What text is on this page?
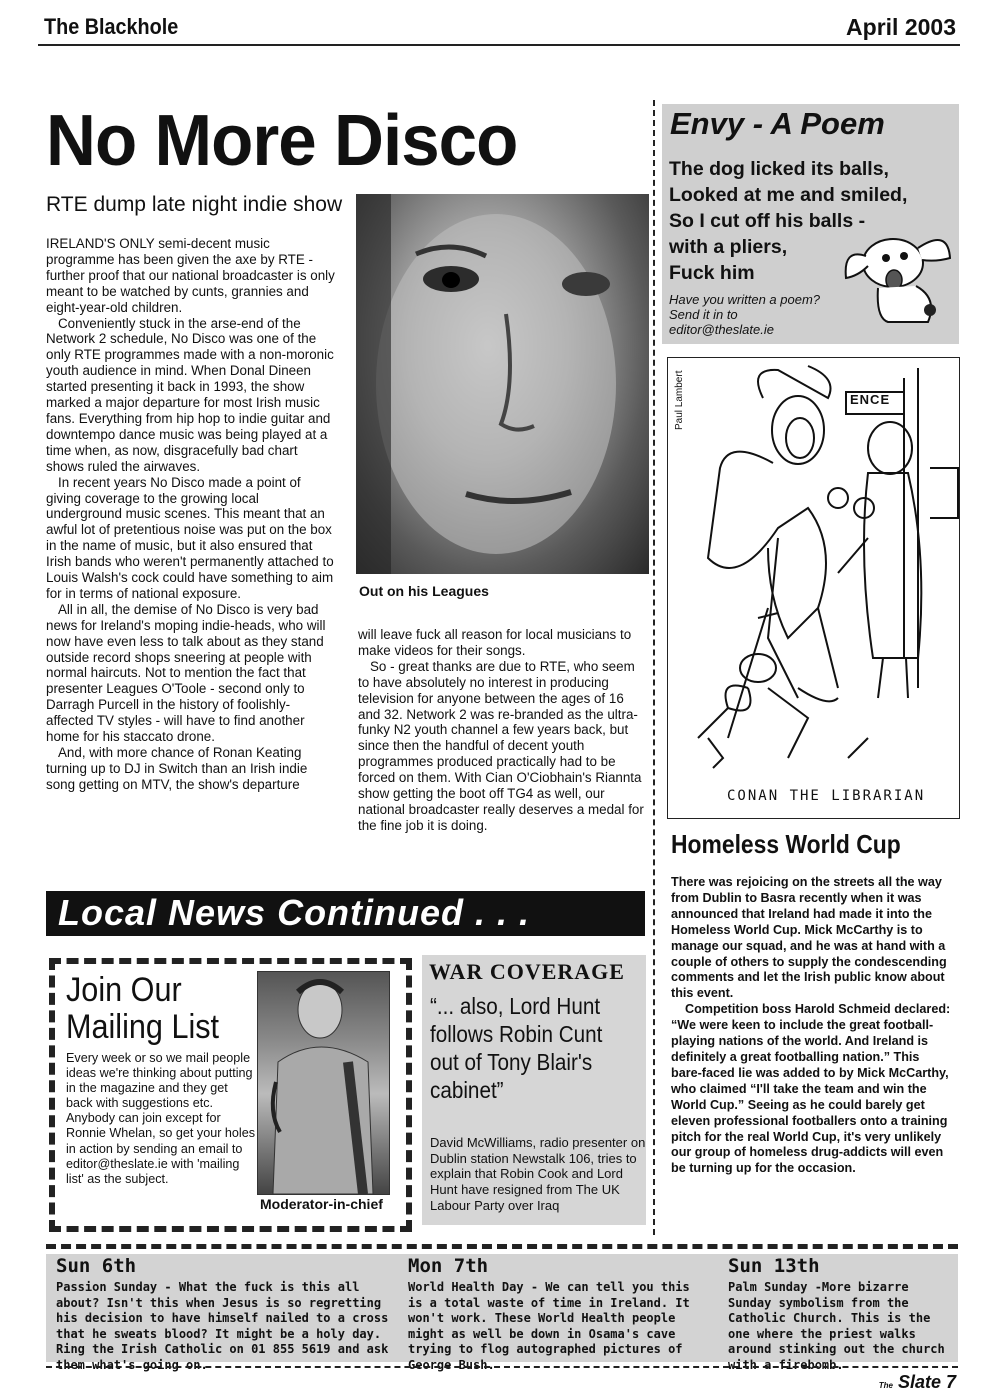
The Blackhole	April 2003
No More Disco
RTE dump late night indie show

IRELAND'S ONLY semi-decent music programme has been given the axe by RTE - further proof that our national broadcaster is only meant to be watched by cunts, grannies and eight-year-old children.

Conveniently stuck in the arse-end of the Network 2 schedule, No Disco was one of the only RTE programmes made with a non-moronic youth audience in mind. When Donal Dineen started presenting it back in 1993, the show marked a major departure for most Irish music fans. Everything from hip hop to indie guitar and downtempo dance music was being played at a time when, as now, disgracefully bad chart shows ruled the airwaves.

In recent years No Disco made a point of giving coverage to the growing local underground music scenes. This meant that an awful lot of pretentious noise was put on the box in the name of music, but it also ensured that Irish bands who weren't permanently attached to Louis Walsh's cock could have something to aim for in terms of national exposure.

All in all, the demise of No Disco is very bad news for Ireland's moping indie-heads, who will now have even less to talk about as they stand outside record shops sneering at people with normal haircuts. Not to mention the fact that presenter Leagues O'Toole - second only to Darragh Purcell in the history of foolishly-affected TV styles - will have to find another home for his staccato drone.

And, with more chance of Ronan Keating turning up to DJ in Switch than an Irish indie song getting on MTV, the show's departure

Out on his Leagues

will leave fuck all reason for local musicians to make videos for their songs.

So - great thanks are due to RTE, who seem to have absolutely no interest in producing television for anyone between the ages of 16 and 32. Network 2 was re-branded as the ultra-funky N2 youth channel a few years back, but since then the handful of decent youth programmes produced practically had to be forced on them. With Cian O'Ciobhain's Riannta show getting the boot off TG4 as well, our national broadcaster really deserves a medal for the fine job it is doing.

Envy - A Poem
The dog licked its balls,
Looked at me and smiled,
So I cut off his balls -
with a pliers,
Fuck him
Have you written a poem?
Send it in to
editor@theslate.ie
ENCE
Paul Lambert
CONAN THE LIBRARIAN
Homeless World Cup

There was rejoicing on the streets all the way from Dublin to Basra recently when it was announced that Ireland had made it into the Homeless World Cup. Mick McCarthy is to manage our squad, and he was at hand with a couple of others to supply the condescending comments and let the Irish public know about this event.

Competition boss Harold Schmeid declared: “We were keen to include the great football-playing nations of the world. And Ireland is definitely a great footballing nation.” This bare-faced lie was added to by Mick McCarthy, who claimed “I'll take the team and win the World Cup.” Seeing as he could barely get eleven professional footballers onto a training pitch for the real World Cup, it's very unlikely our group of homeless drug-addicts will even be turning up for the occasion.

Local News Continued . . .
Join Our
Mailing List
Every week or so we mail people ideas we're thinking about putting in the magazine and they get back with suggestions etc. Anybody can join except for Ronnie Whelan, so get your holes in action by sending an email to editor@theslate.ie with 'mailing list' as the subject.
Moderator-in-chief
WAR COVERAGE
“... also, Lord Hunt follows Robin Cunt out of Tony Blair's cabinet”
David McWilliams, radio presenter on Dublin station Newstalk 106, tries to explain that Robin Cook and Lord Hunt have resigned from The UK Labour Party over Iraq
Sun 6th
Passion Sunday - What the fuck is this all about? Isn't this when Jesus is so regretting his decision to have himself nailed to a cross that he sweats blood? It might be a holy day. Ring the Irish Catholic on 01 855 5619 and ask them what's going on.
Mon 7th
World Health Day - We can tell you this is a total waste of time in Ireland. It won't work. These World Health people might as well be down in Osama's cave trying to flog autographed pictures of George Bush.
Sun 13th
Palm Sunday -More bizarre Sunday symbolism from the Catholic Church. This is the one where the priest walks around stinking out the church with a firebomb.
The Slate 7
